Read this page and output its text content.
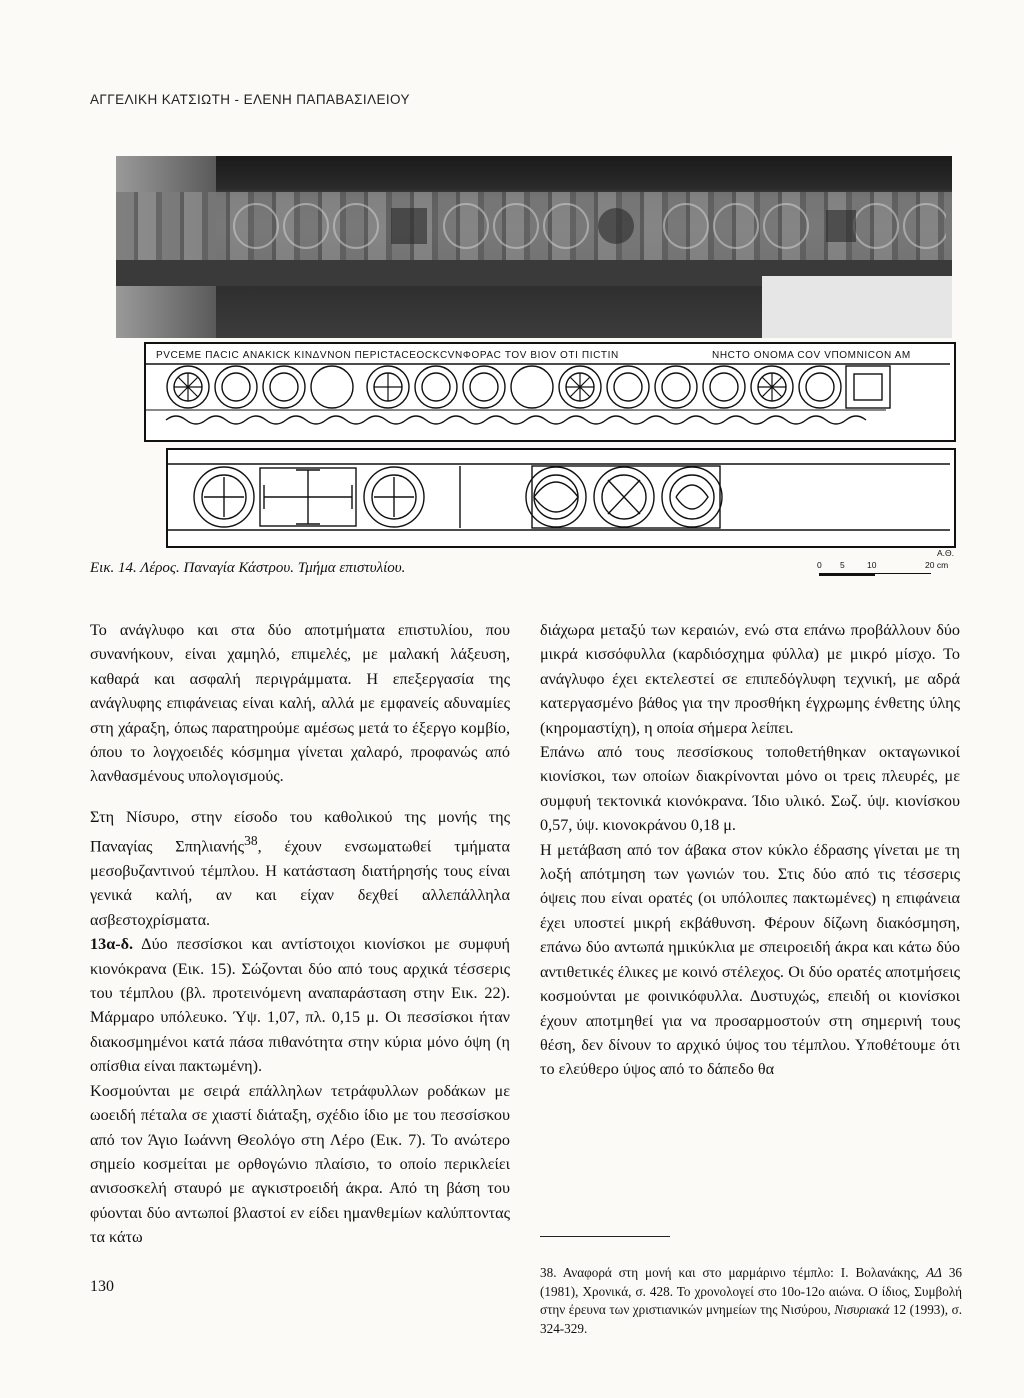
ΑΓΓΕΛΙΚΗ ΚΑΤΣΙΩΤΗ - ΕΛΕΝΗ ΠΑΠΑΒΑΣΙΛΕΙΟΥ
ΡVCEMΕ ΠΑCΙC ΑΝΑΚΙCΚ ΚΙΝΔVΝΟΝ ΠΕΡΙCΤΑCΕΟCΚCVΝΦΟΡΑC ΤΟV ΒΙΟV ΟΤΙ ΠΙCΤΙΝ	ΝΗCΤΟ ΟΝΟΜΑ COV VΠΟΜΝΙCΟΝ ΑΜ
Εικ. 14. Λέρος. Παναγία Κάστρου. Τμήμα επιστυλίου.
Α.Θ.
0 5	10	20 cm

Το ανάγλυφο και στα δύο αποτμήματα επιστυλίου, που συνανήκουν, είναι χαμηλό, επιμελές, με μαλακή λάξευση, καθαρά και ασφαλή περιγράμματα. Η επεξεργασία της ανάγλυφης επιφάνειας είναι καλή, αλλά με εμφανείς αδυναμίες στη χάραξη, όπως παρατηρούμε αμέσως μετά το έξεργο κομβίο, όπου το λογχοειδές κόσμημα γίνεται χαλαρό, προφανώς από λανθασμένους υπολογισμούς.

Στη Νίσυρο, στην είσοδο του καθολικού της μονής της Παναγίας Σπηλιανής$^{38}$, έχουν ενσωματωθεί τμήματα μεσοβυζαντινού τέμπλου. Η κατάσταση διατήρησής τους είναι γενικά καλή, αν και είχαν δεχθεί αλλεπάλληλα ασβεστοχρίσματα.

13α-δ. Δύο πεσσίσκοι και αντίστοιχοι κιονίσκοι με συμφυή κιονόκρανα (Εικ. 15). Σώζονται δύο από τους αρχικά τέσσερις του τέμπλου (βλ. προτεινόμενη αναπαράσταση στην Εικ. 22). Μάρμαρο υπόλευκο. Ύψ. 1,07, πλ. 0,15 μ. Οι πεσσίσκοι ήταν διακοσμημένοι κατά πάσα πιθανότητα στην κύρια μόνο όψη (η οπίσθια είναι πακτωμένη).

Κοσμούνται με σειρά επάλληλων τετράφυλλων ροδάκων με ωοειδή πέταλα σε χιαστί διάταξη, σχέδιο ίδιο με του πεσσίσκου από τον Άγιο Ιωάννη Θεολόγο στη Λέρο (Εικ. 7). Το ανώτερο σημείο κοσμείται με ορθογώνιο πλαίσιο, το οποίο περικλείει ανισοσκελή σταυρό με αγκιστροειδή άκρα. Από τη βάση του φύονται δύο αντωποί βλαστοί εν είδει ημανθεμίων καλύπτοντας τα κάτω

διάχωρα μεταξύ των κεραιών, ενώ στα επάνω προβάλλουν δύο μικρά κισσόφυλλα (καρδιόσχημα φύλλα) με μικρό μίσχο. Το ανάγλυφο έχει εκτελεστεί σε επιπεδόγλυφη τεχνική, με αδρά κατεργασμένο βάθος για την προσθήκη έγχρωμης ένθετης ύλης (κηρομαστίχη), η οποία σήμερα λείπει.

Επάνω από τους πεσσίσκους τοποθετήθηκαν οκταγωνικοί κιονίσκοι, των οποίων διακρίνονται μόνο οι τρεις πλευρές, με συμφυή τεκτονικά κιονόκρανα. Ίδιο υλικό. Σωζ. ύψ. κιονίσκου 0,57, ύψ. κιονοκράνου 0,18 μ.

Η μετάβαση από τον άβακα στον κύκλο έδρασης γίνεται με τη λοξή απότμηση των γωνιών του. Στις δύο από τις τέσσερις όψεις που είναι ορατές (οι υπόλοιπες πακτωμένες) η επιφάνεια έχει υποστεί μικρή εκβάθυνση. Φέρουν δίζωνη διακόσμηση, επάνω δύο αντωπά ημικύκλια με σπειροειδή άκρα και κάτω δύο αντιθετικές έλικες με κοινό στέλεχος. Οι δύο ορατές αποτμήσεις κοσμούνται με φοινικόφυλλα. Δυστυχώς, επειδή οι κιονίσκοι έχουν αποτμηθεί για να προσαρμοστούν στη σημερινή τους θέση, δεν δίνουν το αρχικό ύψος του τέμπλου. Υποθέτουμε ότι το ελεύθερο ύψος από το δάπεδο θα

38. Αναφορά στη μονή και στο μαρμάρινο τέμπλο: Ι. Βολανάκης, ΑΔ 36 (1981), Χρονικά, σ. 428. Το χρονολογεί στο 10ο-12ο αιώνα. Ο ίδιος, Συμβολή στην έρευνα των χριστιανικών μνημείων της Νισύρου, Νισυριακά 12 (1993), σ. 324-329.
130
